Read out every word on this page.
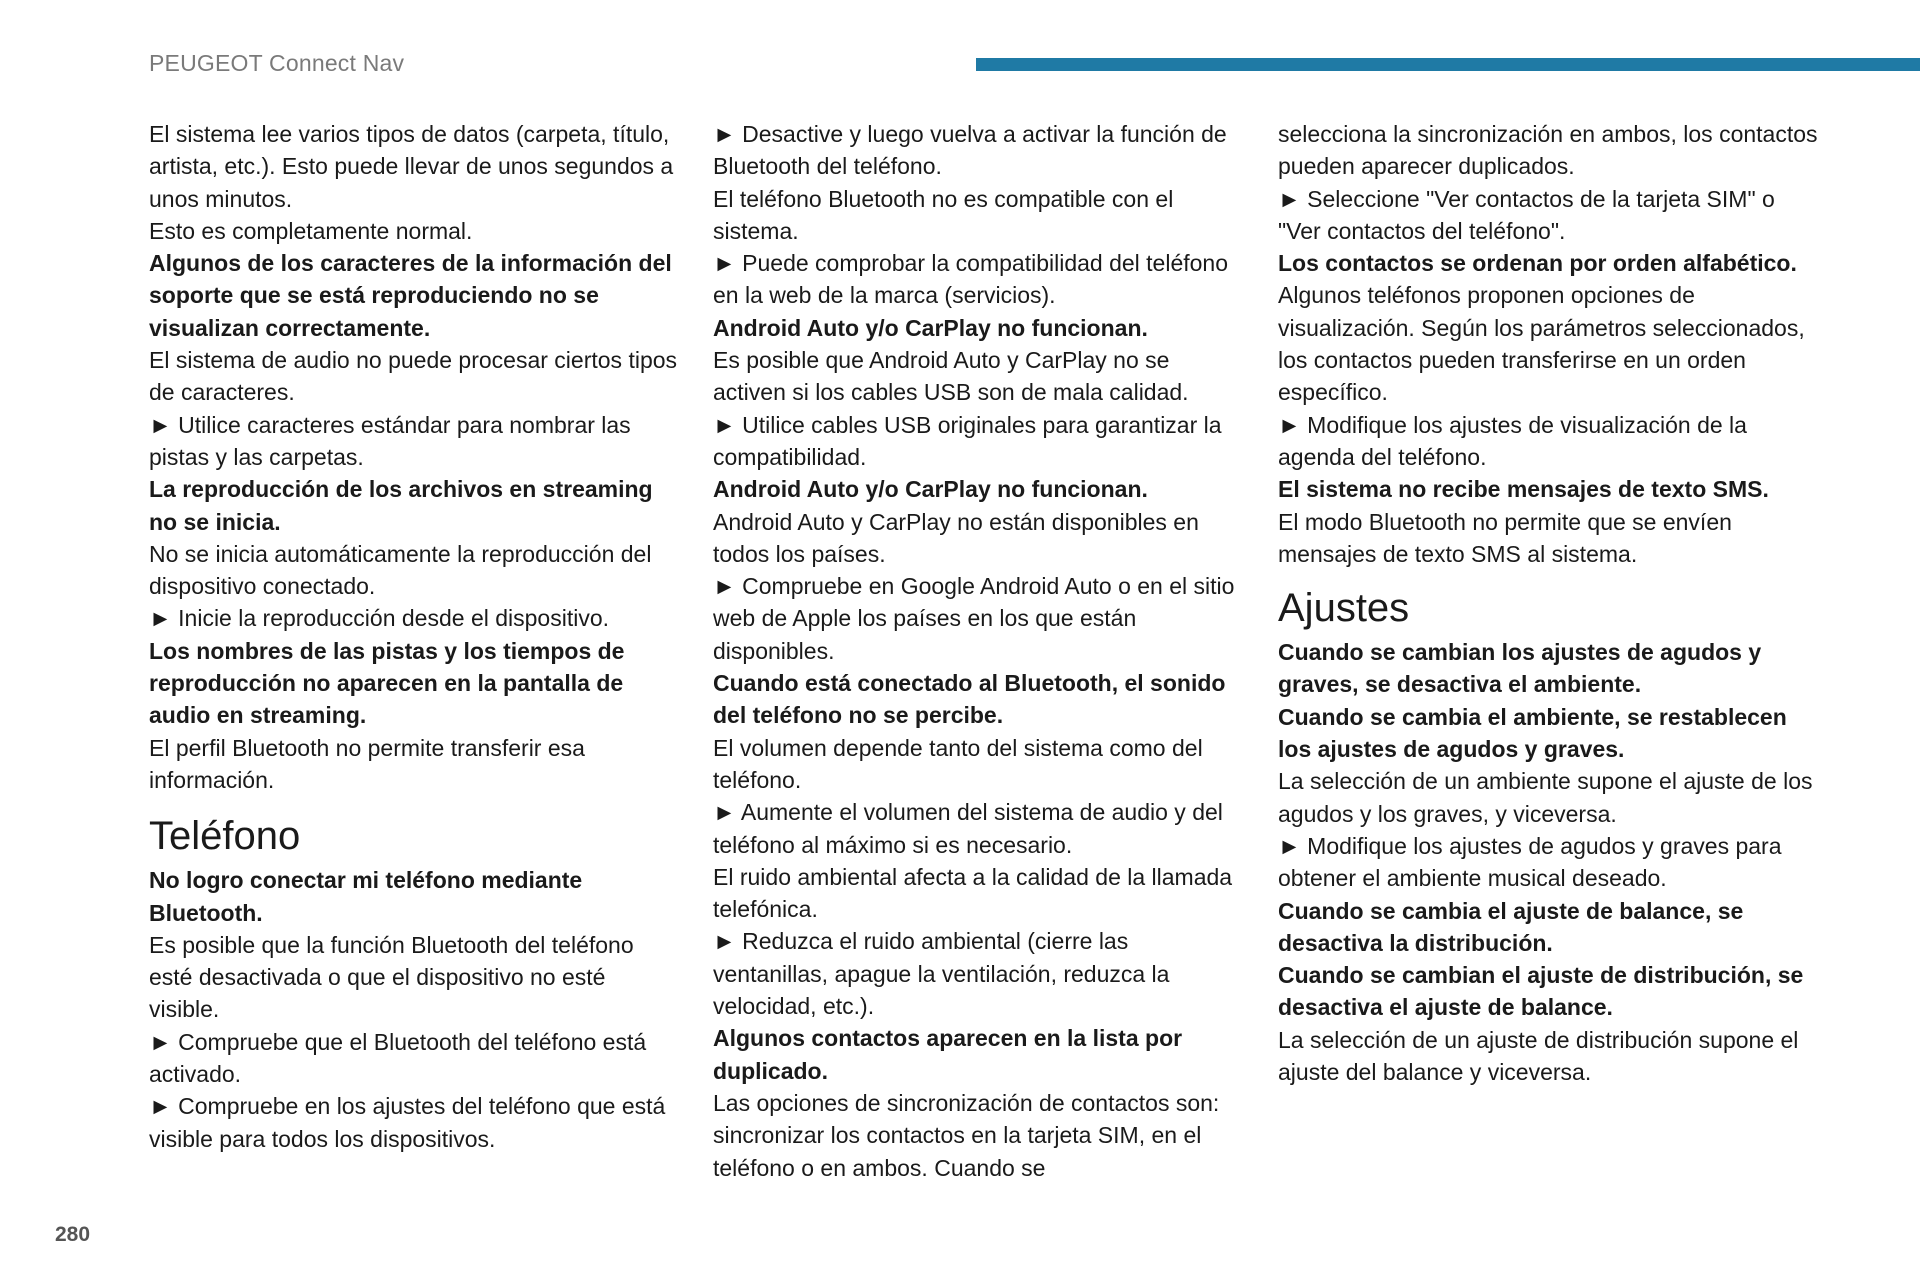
PEUGEOT Connect Nav

El sistema lee varios tipos de datos (carpeta, título, artista, etc.). Esto puede llevar de unos segundos a unos minutos.

Esto es completamente normal.

Algunos de los caracteres de la información del soporte que se está reproduciendo no se visualizan correctamente.

El sistema de audio no puede procesar ciertos tipos de caracteres.

► Utilice caracteres estándar para nombrar las pistas y las carpetas.

La reproducción de los archivos en streaming no se inicia.

No se inicia automáticamente la reproducción del dispositivo conectado.

► Inicie la reproducción desde el dispositivo.

Los nombres de las pistas y los tiempos de reproducción no aparecen en la pantalla de audio en streaming.

El perfil Bluetooth no permite transferir esa información.

Teléfono

No logro conectar mi teléfono mediante Bluetooth.

Es posible que la función Bluetooth del teléfono esté desactivada o que el dispositivo no esté visible.

► Compruebe que el Bluetooth del teléfono está activado.

► Compruebe en los ajustes del teléfono que está visible para todos los dispositivos.

► Desactive y luego vuelva a activar la función de Bluetooth del teléfono.

El teléfono Bluetooth no es compatible con el sistema.

► Puede comprobar la compatibilidad del teléfono en la web de la marca (servicios).

Android Auto y/o CarPlay no funcionan.

Es posible que Android Auto y CarPlay no se activen si los cables USB son de mala calidad.

► Utilice cables USB originales para garantizar la compatibilidad.

Android Auto y/o CarPlay no funcionan.

Android Auto y CarPlay no están disponibles en todos los países.

► Compruebe en Google Android Auto o en el sitio web de Apple los países en los que están disponibles.

Cuando está conectado al Bluetooth, el sonido del teléfono no se percibe.

El volumen depende tanto del sistema como del teléfono.

► Aumente el volumen del sistema de audio y del teléfono al máximo si es necesario.

El ruido ambiental afecta a la calidad de la llamada telefónica.

► Reduzca el ruido ambiental (cierre las ventanillas, apague la ventilación, reduzca la velocidad, etc.).

Algunos contactos aparecen en la lista por duplicado.

Las opciones de sincronización de contactos son: sincronizar los contactos en la tarjeta SIM, en el teléfono o en ambos. Cuando se

selecciona la sincronización en ambos, los contactos pueden aparecer duplicados.

► Seleccione "Ver contactos de la tarjeta SIM" o "Ver contactos del teléfono".

Los contactos se ordenan por orden alfabético.

Algunos teléfonos proponen opciones de visualización. Según los parámetros seleccionados, los contactos pueden transferirse en un orden específico.

► Modifique los ajustes de visualización de la agenda del teléfono.

El sistema no recibe mensajes de texto SMS.

El modo Bluetooth no permite que se envíen mensajes de texto SMS al sistema.

Ajustes

Cuando se cambian los ajustes de agudos y graves, se desactiva el ambiente.

Cuando se cambia el ambiente, se restablecen los ajustes de agudos y graves.

La selección de un ambiente supone el ajuste de los agudos y los graves, y viceversa.

► Modifique los ajustes de agudos y graves para obtener el ambiente musical deseado.

Cuando se cambia el ajuste de balance, se desactiva la distribución.

Cuando se cambian el ajuste de distribución, se desactiva el ajuste de balance.

La selección de un ajuste de distribución supone el ajuste del balance y viceversa.

280
